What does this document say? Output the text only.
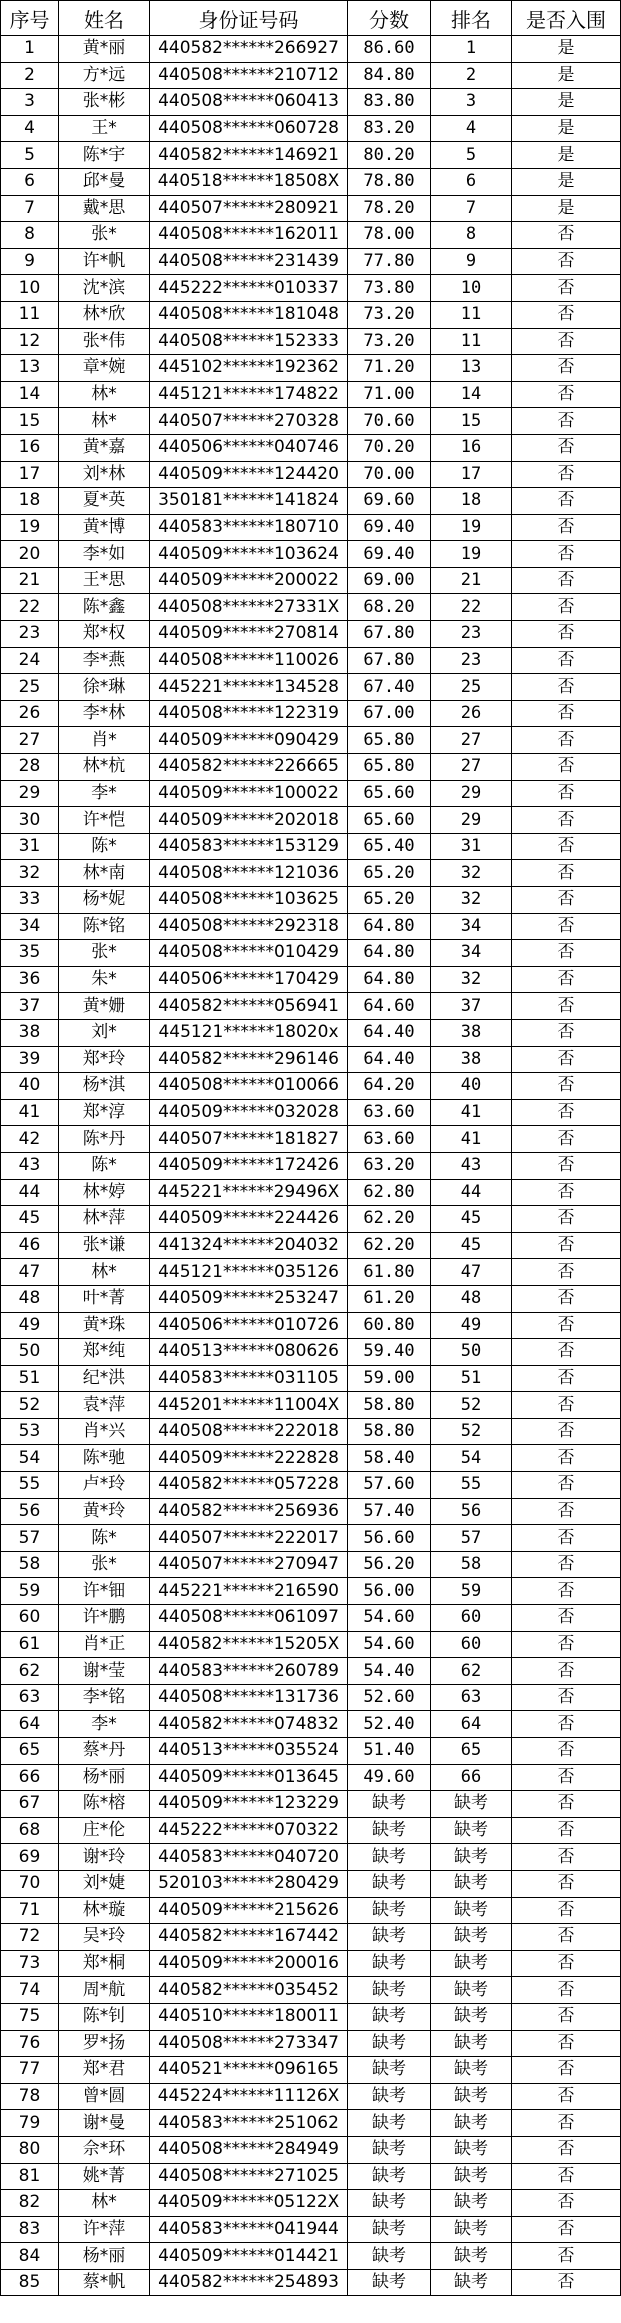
序号	姓名	身份证号码	分数	排名	是否入围
1	黄*丽	440582******266927	86.60	1	是
2	方*远	440508******210712	84.80	2	是
3	张*彬	440508******060413	83.80	3	是
4	王*	440508******060728	83.20	4	是
5	陈*宇	440582******146921	80.20	5	是
6	邱*曼	440518******18508X	78.80	6	是
7	戴*思	440507******280921	78.20	7	是
8	张*	440508******162011	78.00	8	否
9	许*帆	440508******231439	77.80	9	否
10	沈*滨	445222******010337	73.80	10	否
11	林*欣	440508******181048	73.20	11	否
12	张*伟	440508******152333	73.20	11	否
13	章*婉	445102******192362	71.20	13	否
14	林*	445121******174822	71.00	14	否
15	林*	440507******270328	70.60	15	否
16	黄*嘉	440506******040746	70.20	16	否
17	刘*林	440509******124420	70.00	17	否
18	夏*英	350181******141824	69.60	18	否
19	黄*博	440583******180710	69.40	19	否
20	李*如	440509******103624	69.40	19	否
21	王*思	440509******200022	69.00	21	否
22	陈*鑫	440508******27331X	68.20	22	否
23	郑*权	440509******270814	67.80	23	否
24	李*燕	440508******110026	67.80	23	否
25	徐*琳	445221******134528	67.40	25	否
26	李*林	440508******122319	67.00	26	否
27	肖*	440509******090429	65.80	27	否
28	林*杭	440582******226665	65.80	27	否
29	李*	440509******100022	65.60	29	否
30	许*恺	440509******202018	65.60	29	否
31	陈*	440583******153129	65.40	31	否
32	林*南	440508******121036	65.20	32	否
33	杨*妮	440508******103625	65.20	32	否
34	陈*铭	440508******292318	64.80	34	否
35	张*	440508******010429	64.80	34	否
36	朱*	440506******170429	64.80	32	否
37	黄*姗	440582******056941	64.60	37	否
38	刘*	445121******18020x	64.40	38	否
39	郑*玲	440582******296146	64.40	38	否
40	杨*淇	440508******010066	64.20	40	否
41	郑*淳	440509******032028	63.60	41	否
42	陈*丹	440507******181827	63.60	41	否
43	陈*	440509******172426	63.20	43	否
44	林*婷	445221******29496X	62.80	44	否
45	林*萍	440509******224426	62.20	45	否
46	张*谦	441324******204032	62.20	45	否
47	林*	445121******035126	61.80	47	否
48	叶*菁	440509******253247	61.20	48	否
49	黄*珠	440506******010726	60.80	49	否
50	郑*纯	440513******080626	59.40	50	否
51	纪*洪	440583******031105	59.00	51	否
52	袁*萍	445201******11004X	58.80	52	否
53	肖*兴	440508******222018	58.80	52	否
54	陈*驰	440509******222828	58.40	54	否
55	卢*玲	440582******057228	57.60	55	否
56	黄*玲	440582******256936	57.40	56	否
57	陈*	440507******222017	56.60	57	否
58	张*	440507******270947	56.20	58	否
59	许*钿	445221******216590	56.00	59	否
60	许*鹏	440508******061097	54.60	60	否
61	肖*正	440582******15205X	54.60	60	否
62	谢*莹	440583******260789	54.40	62	否
63	李*铭	440508******131736	52.60	63	否
64	李*	440582******074832	52.40	64	否
65	蔡*丹	440513******035524	51.40	65	否
66	杨*丽	440509******013645	49.60	66	否
67	陈*榕	440509******123229	缺考	缺考	否
68	庄*伦	445222******070322	缺考	缺考	否
69	谢*玲	440583******040720	缺考	缺考	否
70	刘*婕	520103******280429	缺考	缺考	否
71	林*璇	440509******215626	缺考	缺考	否
72	吴*玲	440582******167442	缺考	缺考	否
73	郑*桐	440509******200016	缺考	缺考	否
74	周*航	440582******035452	缺考	缺考	否
75	陈*钊	440510******180011	缺考	缺考	否
76	罗*扬	440508******273347	缺考	缺考	否
77	郑*君	440521******096165	缺考	缺考	否
78	曾*圆	445224******11126X	缺考	缺考	否
79	谢*曼	440583******251062	缺考	缺考	否
80	佘*环	440508******284949	缺考	缺考	否
81	姚*菁	440508******271025	缺考	缺考	否
82	林*	440509******05122X	缺考	缺考	否
83	许*萍	440583******041944	缺考	缺考	否
84	杨*丽	440509******014421	缺考	缺考	否
85	蔡*帆	440582******254893	缺考	缺考	否
